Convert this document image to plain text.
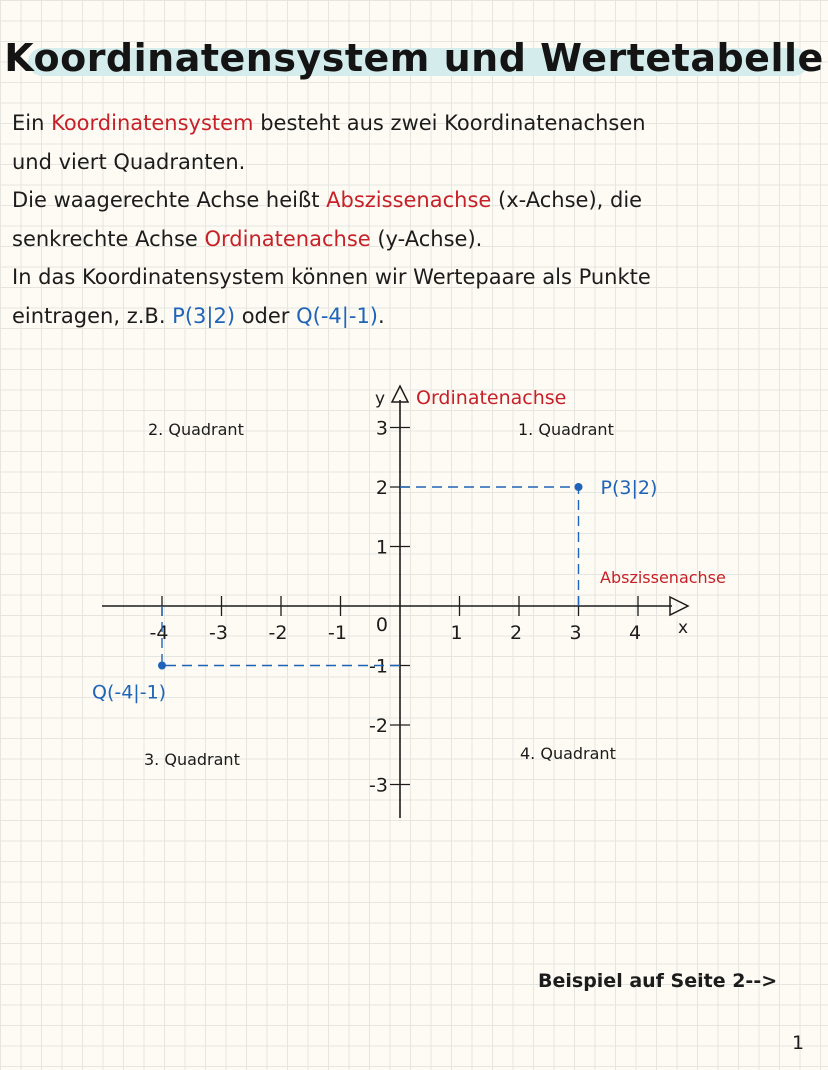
Koordinatensystem und Wertetabelle

Ein Koordinatensystem besteht aus zwei Koordinatenachsen

und viert Quadranten.

Die waagerechte Achse heißt Abszissenachse (x-Achse), die

senkrechte Achse Ordinatenachse (y-Achse).

In das Koordinatensystem können wir Wertepaare als Punkte

eintragen, z.B. P(3|2) oder Q(-4|-1).

-4 -3 -2 -1	1 2 3 4
3
2
1
-1
-2
-3
0	x
y Ordinatenachse
Abszissenachse
1. Quadrant
2. Quadrant
3. Quadrant	4. Quadrant
P(3|2)
Q(-4|-1)
Beispiel auf Seite 2-->
1
